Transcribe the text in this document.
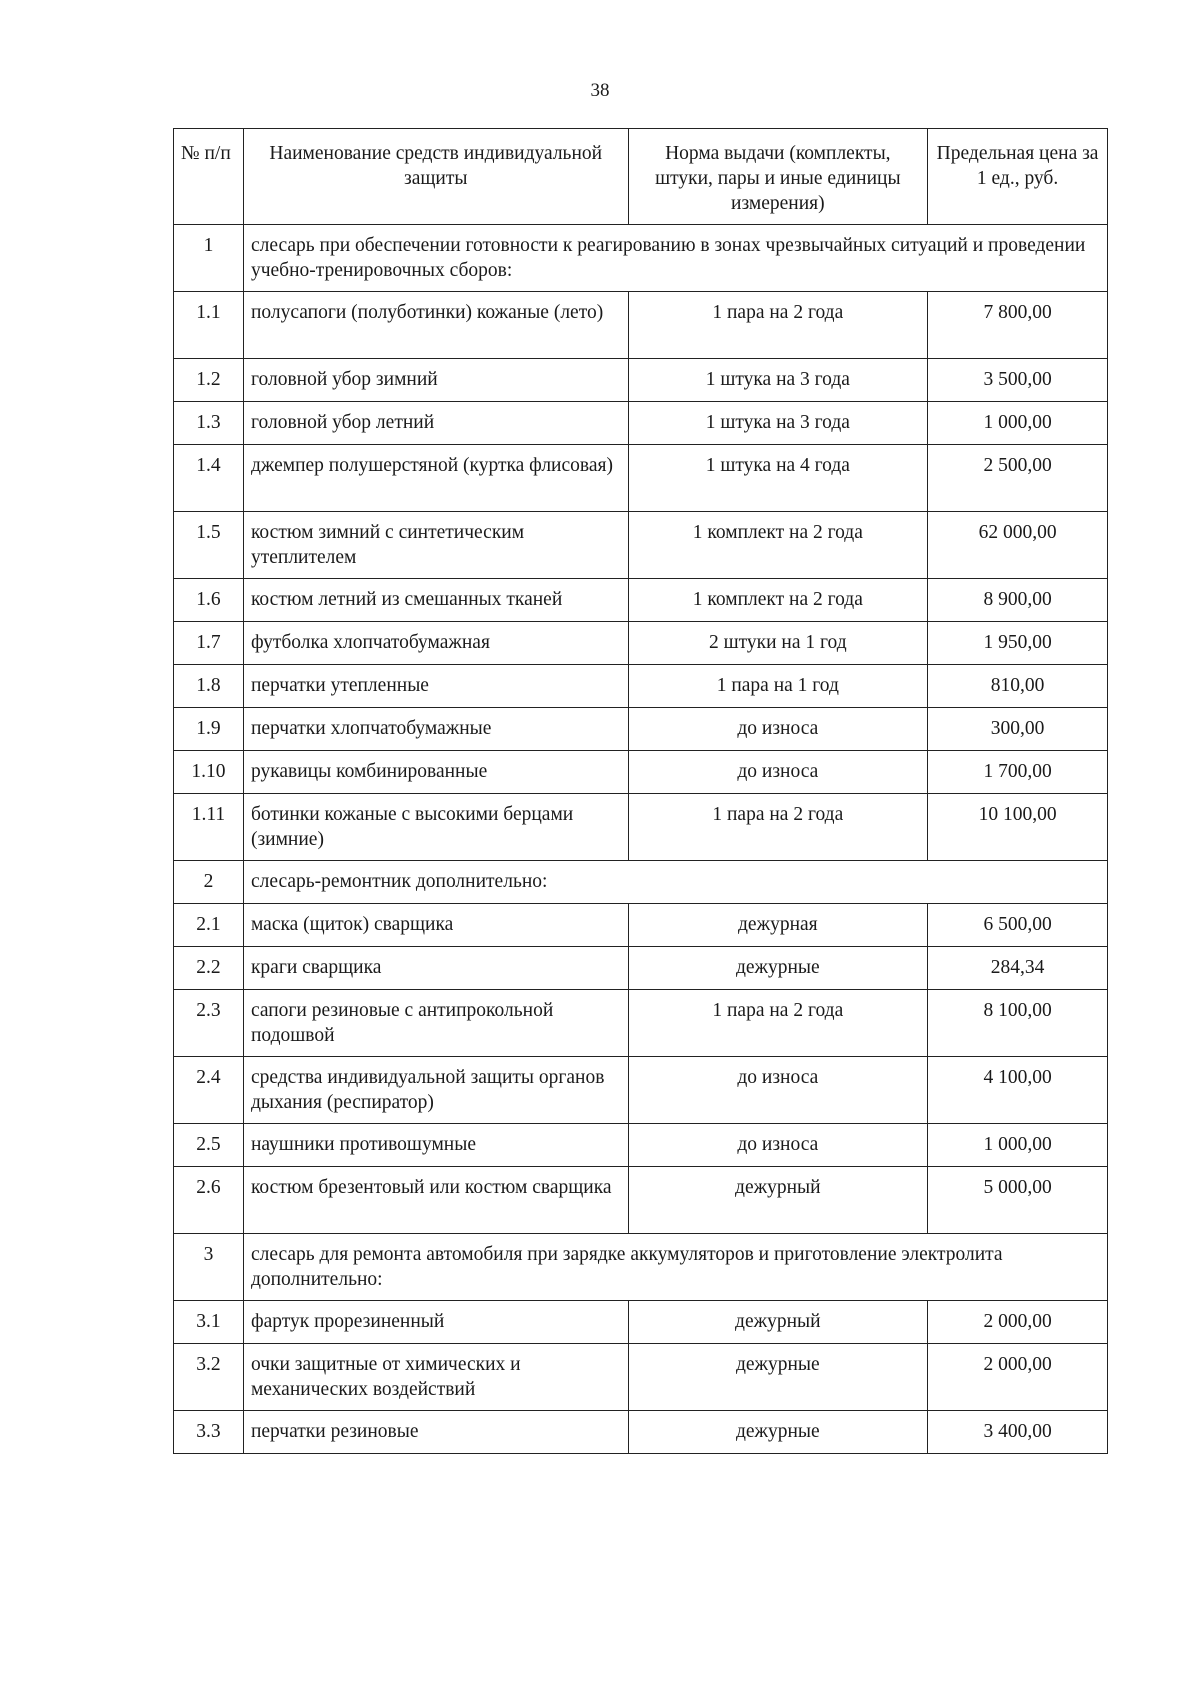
38
№ п/п	Наименование средств индивидуальной защиты	Норма выдачи (комплекты, штуки, пары и иные единицы измерения)	Предельная цена за 1 ед., руб.
1	слесарь при обеспечении готовности к реагированию в зонах чрезвычайных ситуаций и проведении учебно-тренировочных сборов:		
1.1	полусапоги (полуботинки) кожаные (лето)	1 пара на 2 года	7 800,00
1.2	головной убор зимний	1 штука на 3 года	3 500,00
1.3	головной убор летний	1 штука на 3 года	1 000,00
1.4	джемпер полушерстяной (куртка флисовая)	1 штука на 4 года	2 500,00
1.5	костюм зимний с синтетическим утеплителем	1 комплект на 2 года	62 000,00
1.6	костюм летний из смешанных тканей	1 комплект на 2 года	8 900,00
1.7	футболка хлопчатобумажная	2 штуки на 1 год	1 950,00
1.8	перчатки утепленные	1 пара на 1 год	810,00
1.9	перчатки хлопчатобумажные	до износа	300,00
1.10	рукавицы комбинированные	до износа	1 700,00
1.11	ботинки кожаные с высокими берцами (зимние)	1 пара на 2 года	10 100,00
2	слесарь-ремонтник дополнительно:		
2.1	маска (щиток) сварщика	дежурная	6 500,00
2.2	краги сварщика	дежурные	284,34
2.3	сапоги резиновые с антипрокольной подошвой	1 пара на 2 года	8 100,00
2.4	средства индивидуальной защиты органов дыхания (респиратор)	до износа	4 100,00
2.5	наушники противошумные	до износа	1 000,00
2.6	костюм брезентовый или костюм сварщика	дежурный	5 000,00
3	слесарь для ремонта автомобиля при зарядке аккумуляторов и приготовление электролита дополнительно:		
3.1	фартук прорезиненный	дежурный	2 000,00
3.2	очки защитные от химических и механических воздействий	дежурные	2 000,00
3.3	перчатки резиновые	дежурные	3 400,00
